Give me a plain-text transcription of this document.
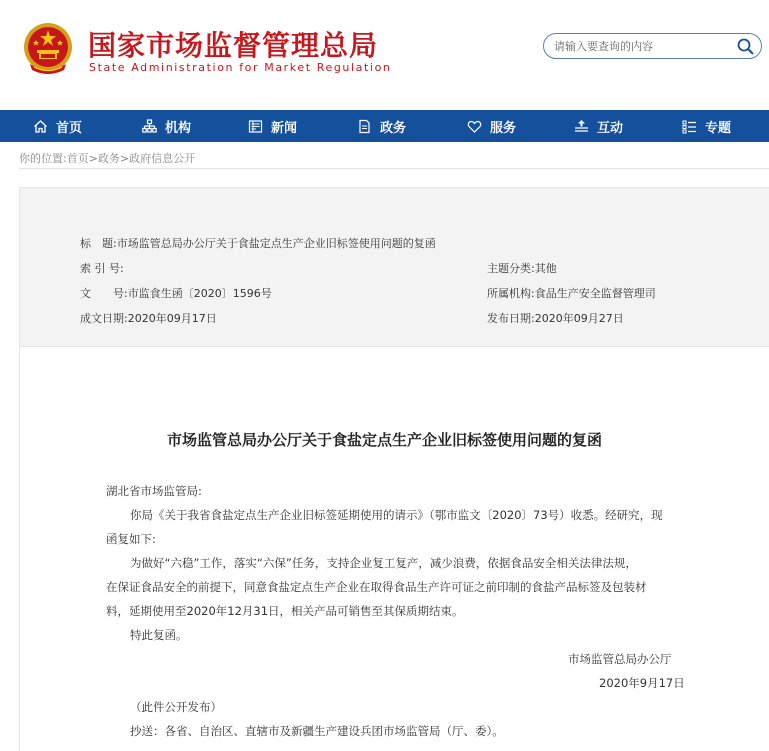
国家市场监督管理总局
State Administration for Market Regulation
请输入要查询的内容
首页	机构	新闻	政务	服务	互动	专题
你的位置:首页>政务>政府信息公开
标　题:市场监管总局办公厅关于食盐定点生产企业旧标签使用问题的复函
索 引 号:	主题分类:其他
文　　号:市监食生函〔2020〕1596号	所属机构:食品生产安全监督管理司
成文日期:2020年09月17日	发布日期:2020年09月27日
市场监管总局办公厅关于食盐定点生产企业旧标签使用问题的复函
湖北省市场监管局:
你局《关于我省食盐定点生产企业旧标签延期使用的请示》（鄂市监文〔2020〕73号）收悉。经研究，现
函复如下:
为做好“六稳”工作，落实“六保”任务，支持企业复工复产，减少浪费，依据食品安全相关法律法规，
在保证食品安全的前提下，同意食盐定点生产企业在取得食品生产许可证之前印制的食盐产品标签及包装材
料，延期使用至2020年12月31日，相关产品可销售至其保质期结束。
特此复函。
市场监管总局办公厅
2020年9月17日
（此件公开发布）
抄送：各省、自治区、直辖市及新疆生产建设兵团市场监管局（厅、委）。
